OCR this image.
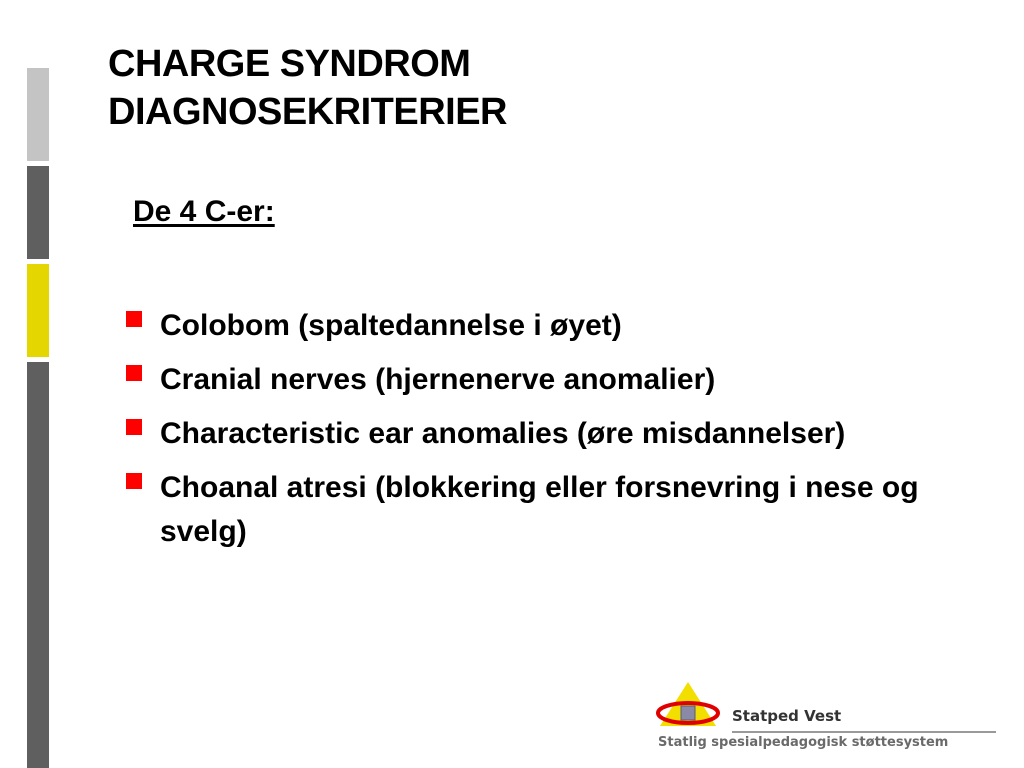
CHARGE SYNDROM
DIAGNOSEKRITERIER
De 4 C-er:
Colobom (spaltedannelse i øyet)
Cranial nerves (hjernenerve anomalier)
Characteristic ear anomalies (øre misdannelser)
Choanal atresi (blokkering eller forsnevring i nese og svelg)
Statped Vest
Statlig spesialpedagogisk støttesystem
